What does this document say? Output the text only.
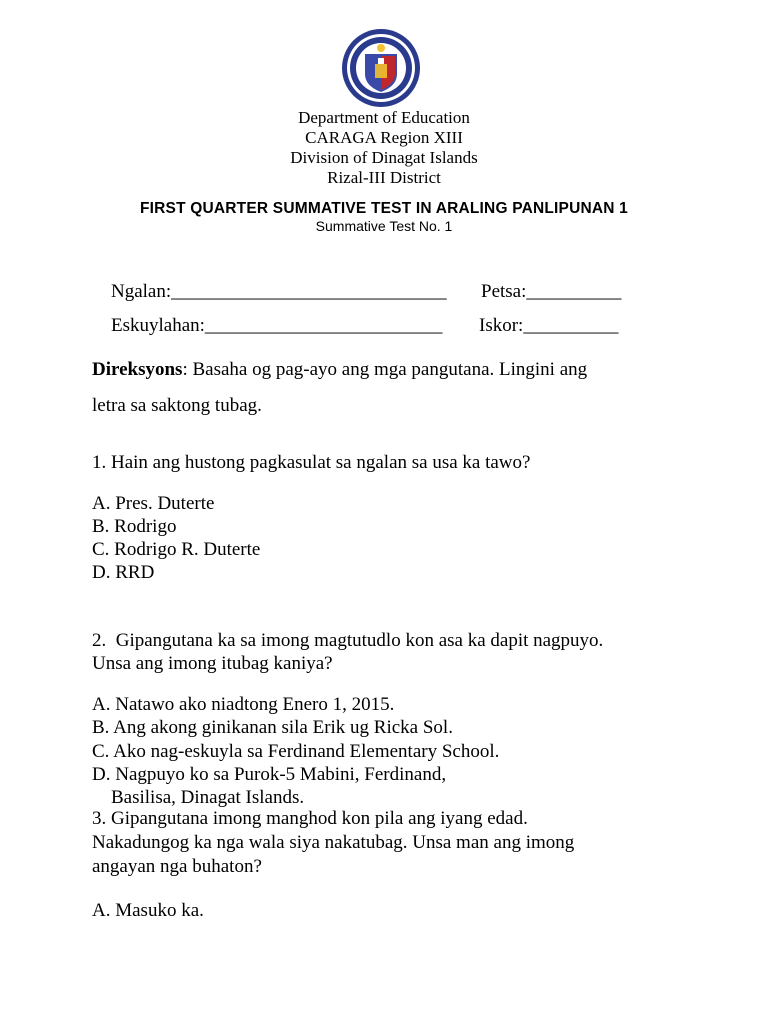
Department of Education
CARAGA Region XIII
Division of Dinagat Islands
Rizal-III District
FIRST QUARTER SUMMATIVE TEST IN ARALING PANLIPUNAN 1
Summative Test No. 1

Ngalan:_____________________________ Petsa:__________

Eskuylahan:_________________________ Iskor:__________

Direksyons: Basaha og pag-ayo ang mga pangutana. Lingini ang
letra sa saktong tubag.
1. Hain ang hustong pagkasulat sa ngalan sa usa ka tawo?
A. Pres. Duterte
B. Rodrigo
C. Rodrigo R. Duterte
D. RRD
2.  Gipangutana ka sa imong magtutudlo kon asa ka dapit nagpuyo.
Unsa ang imong itubag kaniya?
A. Natawo ako niadtong Enero 1, 2015.
B. Ang akong ginikanan sila Erik ug Ricka Sol.
C. Ako nag-eskuyla sa Ferdinand Elementary School.
D. Nagpuyo ko sa Purok-5 Mabini, Ferdinand,
Basilisa, Dinagat Islands.
3. Gipangutana imong manghod kon pila ang iyang edad.
Nakadungog ka nga wala siya nakatubag. Unsa man ang imong
angayan nga buhaton?
A. Masuko ka.
